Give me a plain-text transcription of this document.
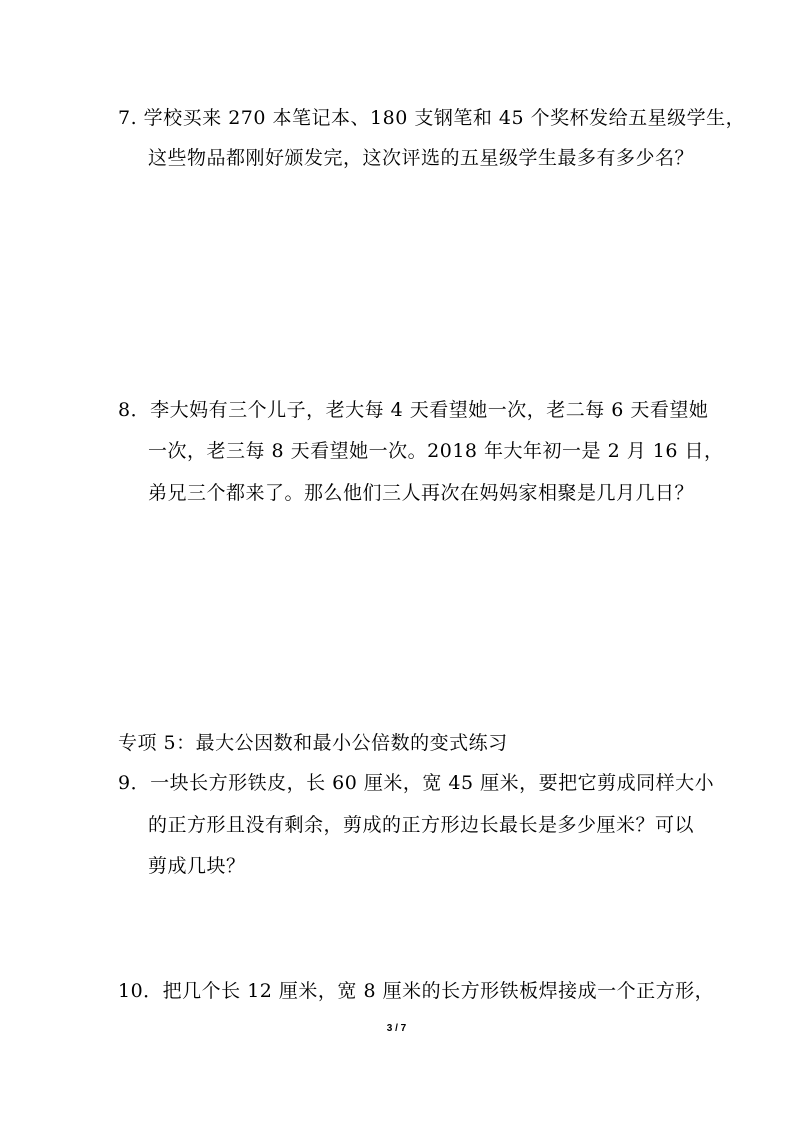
7. 学校买来 270 本笔记本、180 支钢笔和 45 个奖杯发给五星级学生，
这些物品都刚好颁发完，这次评选的五星级学生最多有多少名？
8．李大妈有三个儿子，老大每 4 天看望她一次，老二每 6 天看望她
一次，老三每 8 天看望她一次。2018 年大年初一是 2 月 16 日，
弟兄三个都来了。那么他们三人再次在妈妈家相聚是几月几日？
专项 5：最大公因数和最小公倍数的变式练习
9．一块长方形铁皮，长 60 厘米，宽 45 厘米，要把它剪成同样大小
的正方形且没有剩余，剪成的正方形边长最长是多少厘米？可以
剪成几块？
10．把几个长 12 厘米，宽 8 厘米的长方形铁板焊接成一个正方形，
3 / 7
